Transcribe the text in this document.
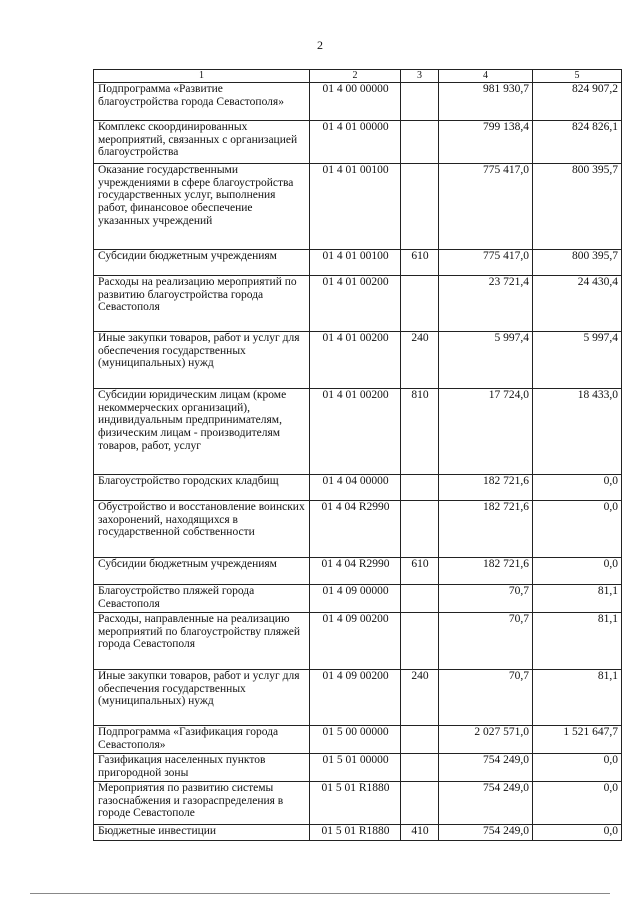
2
1	2	3	4	5
Подпрограмма «Развитие благоустройства города Севастополя»	01 4 00 00000		981 930,7	824 907,2
Комплекс скоординированных мероприятий, связанных с организацией благоустройства	01 4 01 00000		799 138,4	824 826,1
Оказание государственными учреждениями в сфере благоустройства государственных услуг, выполнения работ, финансовое обеспечение указанных учреждений	01 4 01 00100		775 417,0	800 395,7
Субсидии бюджетным учреждениям	01 4 01 00100	610	775 417,0	800 395,7
Расходы на реализацию мероприятий по развитию благоустройства города Севастополя	01 4 01 00200		23 721,4	24 430,4
Иные закупки товаров, работ и услуг для обеспечения государственных (муниципальных) нужд	01 4 01 00200	240	5 997,4	5 997,4
Субсидии юридическим лицам (кроме некоммерческих организаций), индивидуальным предпринимателям, физическим лицам - производителям товаров, работ, услуг	01 4 01 00200	810	17 724,0	18 433,0
Благоустройство городских кладбищ	01 4 04 00000		182 721,6	0,0
Обустройство и восстановление воинских захоронений, находящихся в государственной собственности	01 4 04 R2990		182 721,6	0,0
Субсидии бюджетным учреждениям	01 4 04 R2990	610	182 721,6	0,0
Благоустройство пляжей города Севастополя	01 4 09 00000		70,7	81,1
Расходы, направленные на реализацию мероприятий по благоустройству пляжей города Севастополя	01 4 09 00200		70,7	81,1
Иные закупки товаров, работ и услуг для обеспечения государственных (муниципальных) нужд	01 4 09 00200	240	70,7	81,1
Подпрограмма «Газификация города Севастополя»	01 5 00 00000		2 027 571,0	1 521 647,7
Газификация населенных пунктов пригородной зоны	01 5 01 00000		754 249,0	0,0
Мероприятия по развитию системы газоснабжения и газораспределения в городе Севастополе	01 5 01 R1880		754 249,0	0,0
Бюджетные инвестиции	01 5 01 R1880	410	754 249,0	0,0
